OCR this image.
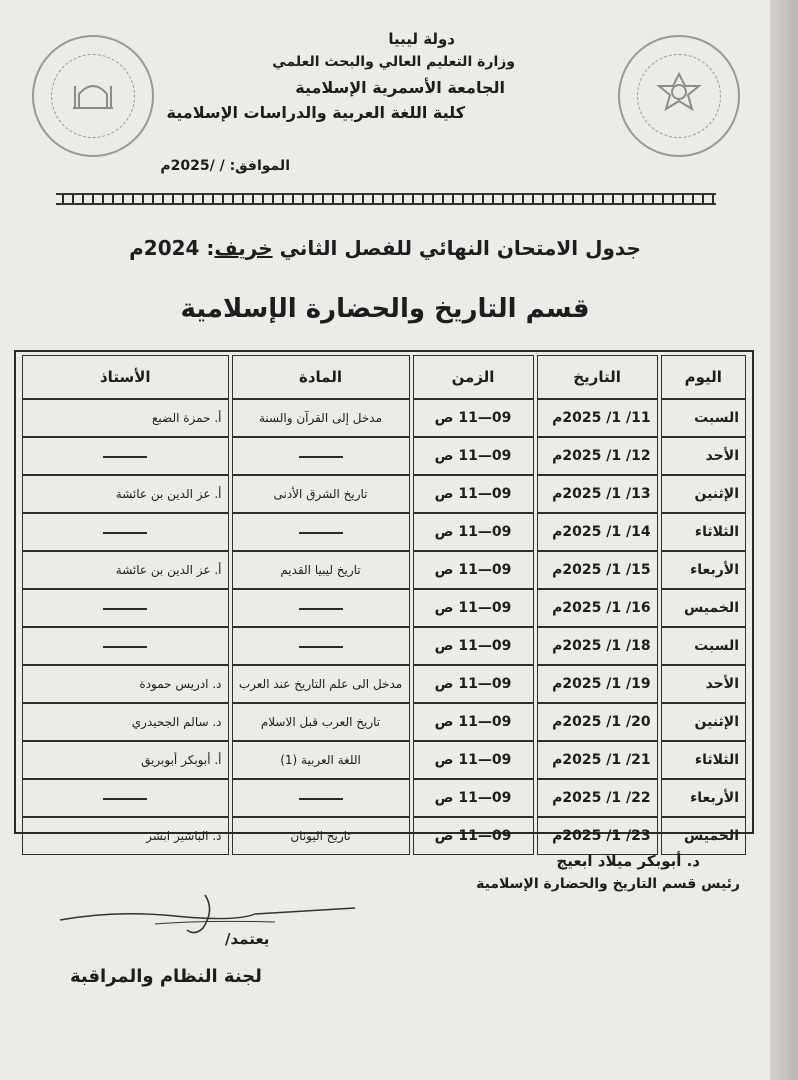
دولة ليبيا
وزارة التعليم العالي والبحث العلمي
الجامعة الأسمرية الإسلامية
كلية اللغة العربية والدراسات الإسلامية
الموافق: / /2025م
جدول الامتحان النهائي للفصل الثاني خريف: 2024م
قسم التاريخ والحضارة الإسلامية
اليوم	التاريخ	الزمن	المادة	الأستاذ
السبت	11/ 1/ 2025م	09—11 ص	مدخل إلى القرآن والسنة	أ. حمزة الضبع
الأحد	12/ 1/ 2025م	09—11 ص		
الإثنين	13/ 1/ 2025م	09—11 ص	تاريخ الشرق الأدنى	أ. عز الدين بن عائشة
الثلاثاء	14/ 1/ 2025م	09—11 ص		
الأربعاء	15/ 1/ 2025م	09—11 ص	تاريخ ليبيا القديم	أ. عز الدين بن عائشة
الخميس	16/ 1/ 2025م	09—11 ص		
السبت	18/ 1/ 2025م	09—11 ص		
الأحد	19/ 1/ 2025م	09—11 ص	مدخل الى علم التاريخ عند العرب	د. ادريس حمودة
الإثنين	20/ 1/ 2025م	09—11 ص	تاريخ العرب قبل الاسلام	د. سالم الجحيدري
الثلاثاء	21/ 1/ 2025م	09—11 ص	اللغة العربية (1)	أ. أبوبكر أبوبريق
الأربعاء	22/ 1/ 2025م	09—11 ص		
الخميس	23/ 1/ 2025م	09—11 ص	تاريخ اليونان	د. الباشير ابشر
د. أبوبكر ميلاد ابعيج
رئيس قسم التاريخ والحضارة الإسلامية
يعتمد/
لجنة النظام والمراقبة
